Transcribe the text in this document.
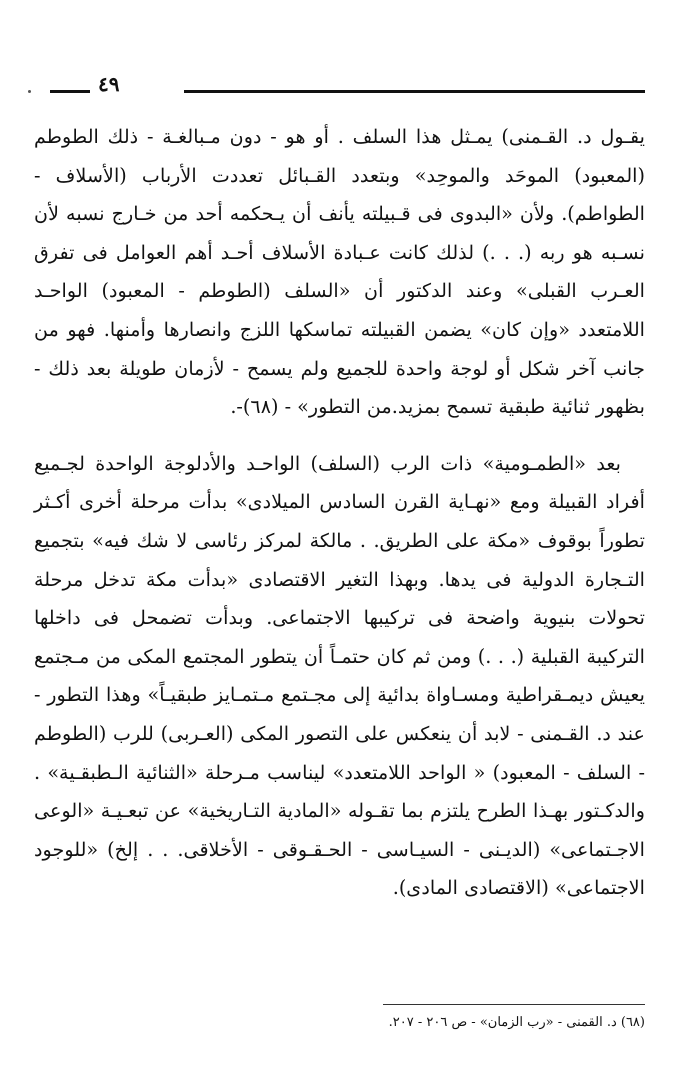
٤٩

يقـول د. القـمنى) يمـثل هذا السلف . أو هو - دون مـبالغـة - ذلك الطوطم (المعبود) الموحَد والموحِد» وبتعدد القـبائل تعددت الأرباب (الأسلاف - الطواطم). ولأن «البدوى فى قـبيلته يأنف أن يـحكمه أحد من خـارج نسبه لأن نسـبه هو ربه (. . .) لذلك كانت عـبادة الأسلاف أحـد أهم العوامل فى تفرق العـرب القبلى» وعند الدكتور أن «السلف (الطوطم - المعبود) الواحـد اللامتعدد «وإن كان» يضمن القبيلته تماسكها اللزج وانصارها وأمنها. فهو من جانب آخر شكل أو لوجة واحدة للجميع ولم يسمح - لأزمان طويلة بعد ذلك - بظهور ثنائية طبقية تسمح بمزيد.من التطور» - (٦٨)-.

بعد «الطمـومية» ذات الرب (السلف) الواحـد والأدلوجة الواحدة لجـميع أفراد القبيلة ومع «نهـاية القرن السادس الميلادى» بدأت مرحلة أخرى أكـثر تطوراً بوقوف «مكة على الطريق. . مالكة لمركز رئاسى لا شك فيه» بتجميع التـجارة الدولية فى يدها. وبهذا التغير الاقتصادى «بدأت مكة تدخل مرحلة تحولات بنيوية واضحة فى تركيبها الاجتماعى. وبدأت تضمحل فى داخلها التركيبة القبلية (. . .) ومن ثم كان حتمـاً أن يتطور المجتمع المكى من مـجتمع يعيش ديمـقراطية ومسـاواة بدائية إلى مجـتمع مـتمـايز طبقيـاً» وهذا التطور - عند د. القـمنى - لابد أن ينعكس على التصور المكى (العـربى) للرب (الطوطم - السلف - المعبود) « الواحد اللامتعدد» ليناسب مـرحلة «الثنائية الـطبقـية» . والدكـتور بهـذا الطرح يلتزم بما تقـوله «المادية التـاريخية» عن تبعـيـة «الوعى الاجـتماعى» (الديـنى - السيـاسى - الحـقـوقى - الأخلاقى. . . إلخ) «للوجود الاجتماعى» (الاقتصادى المادى).

(٦٨) د. القمنى - «رب الزمان» - ص ٢٠٦ - ٢٠٧.
